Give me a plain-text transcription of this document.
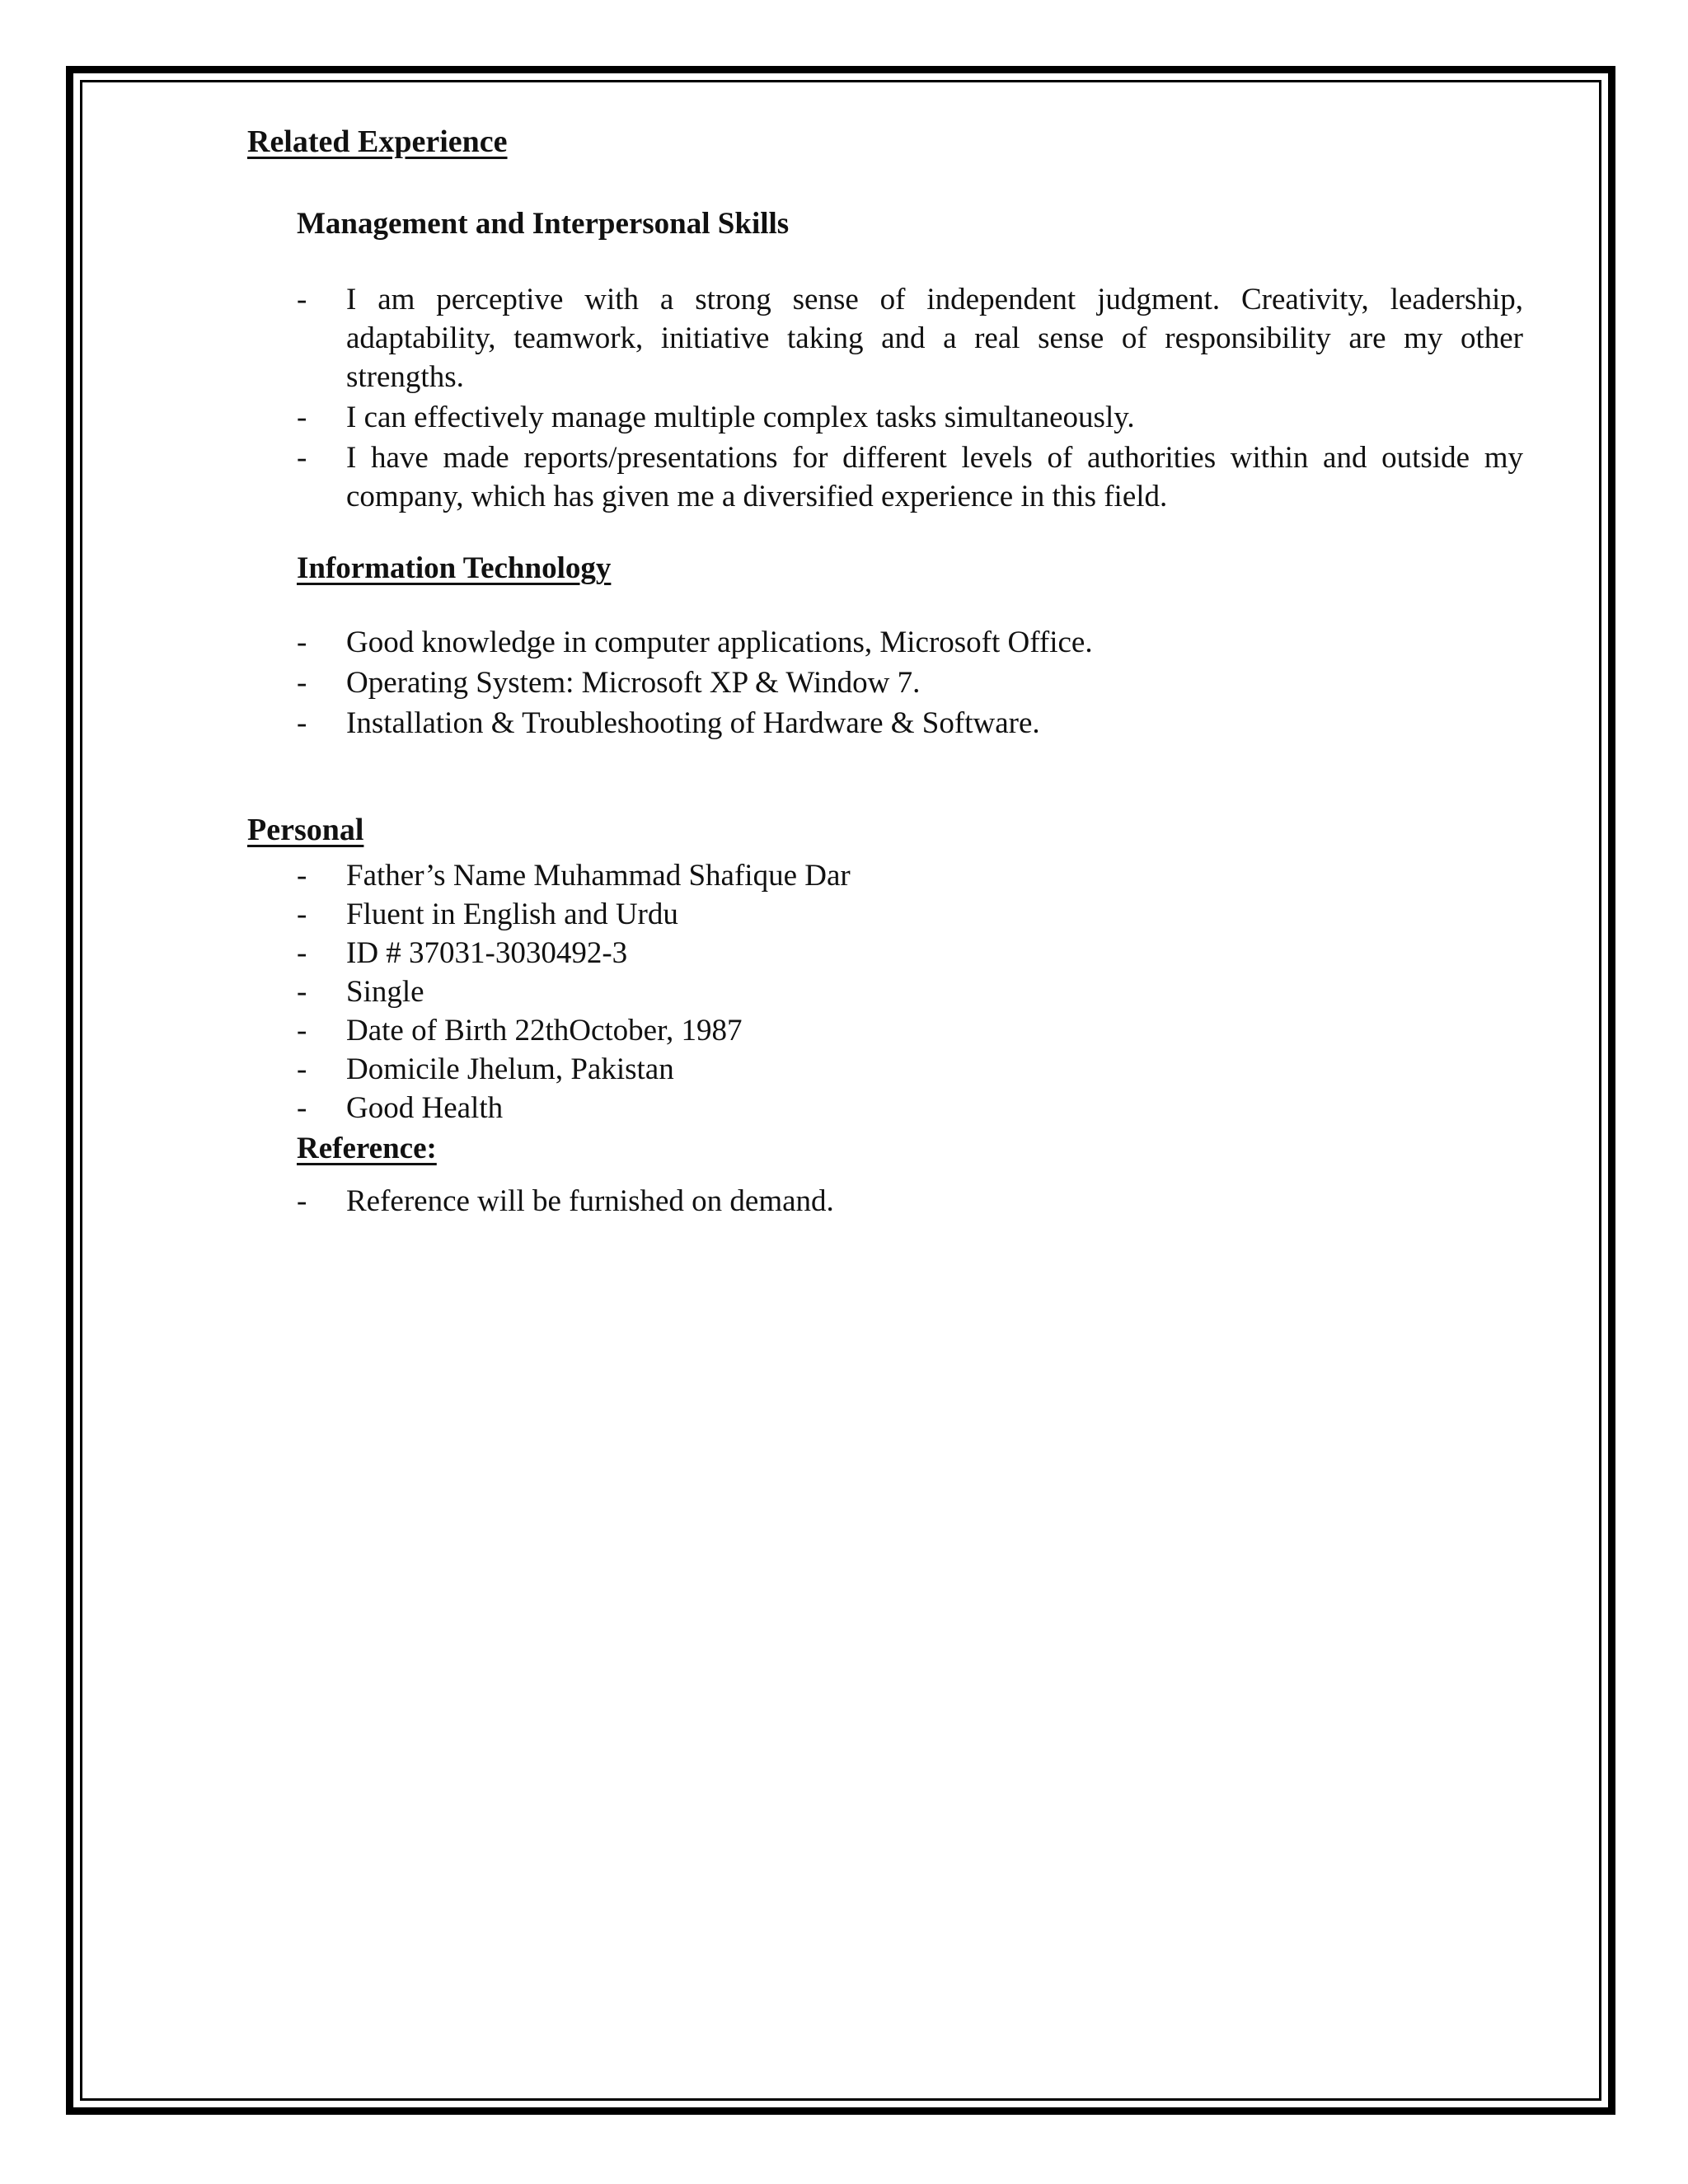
Related Experience
Management and Interpersonal Skills
- I am perceptive with a strong sense of independent judgment. Creativity, leadership, adaptability, teamwork, initiative taking and a real sense of responsibility are my other strengths.
- I can effectively manage multiple complex tasks simultaneously.
- I have made reports/presentations for different levels of authorities within and outside my company, which has given me a diversified experience in this field.
Information Technology
- Good knowledge in computer applications, Microsoft Office.
- Operating System: Microsoft XP & Window 7.
- Installation & Troubleshooting of Hardware & Software.
Personal
- Father’s Name Muhammad Shafique Dar
- Fluent in English and Urdu
- ID # 37031-3030492-3
- Single
- Date of Birth 22thOctober, 1987
- Domicile Jhelum, Pakistan
- Good Health
Reference:
- Reference will be furnished on demand.
